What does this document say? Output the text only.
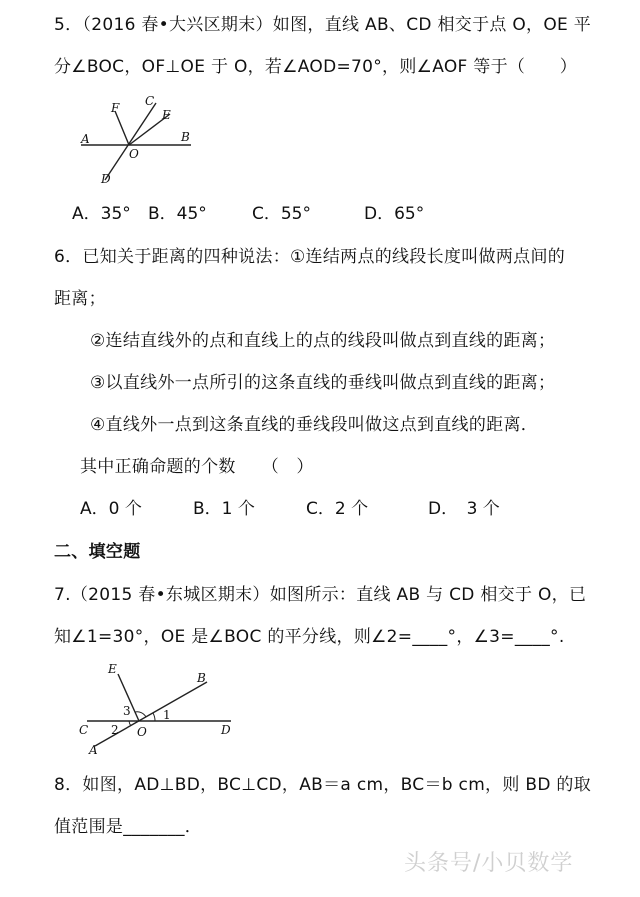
5．（2016 春•大兴区期末）如图，直线 AB、CD 相交于点 O，OE 平
分∠BOC，OF⊥OE 于 O，若∠AOD=70°，则∠AOF 等于（　　）
A	B
C
D
E
F
O
A．35° B．45°	C．55°	D．65°
6．已知关于距离的四种说法：①连结两点的线段长度叫做两点间的
距离；
②连结直线外的点和直线上的点的线段叫做点到直线的距离；
③以直线外一点所引的这条直线的垂线叫做点到直线的距离；
④直线外一点到这条直线的垂线段叫做这点到直线的距离．
其中正确命题的个数　　（　）
A．0 个	B．1 个	C．2 个	D．　3 个
二、填空题
7.（2015 春•东城区期末）如图所示：直线 AB 与 CD 相交于 O，已
知∠1=30°，OE 是∠BOC 的平分线，则∠2=____°，∠3=____°.
A
B
C	D
E
O
1
2
3
8．如图，AD⊥BD，BC⊥CD，AB＝a cm，BC＝b cm，则 BD 的取
值范围是_______．
头条号/小贝数学
